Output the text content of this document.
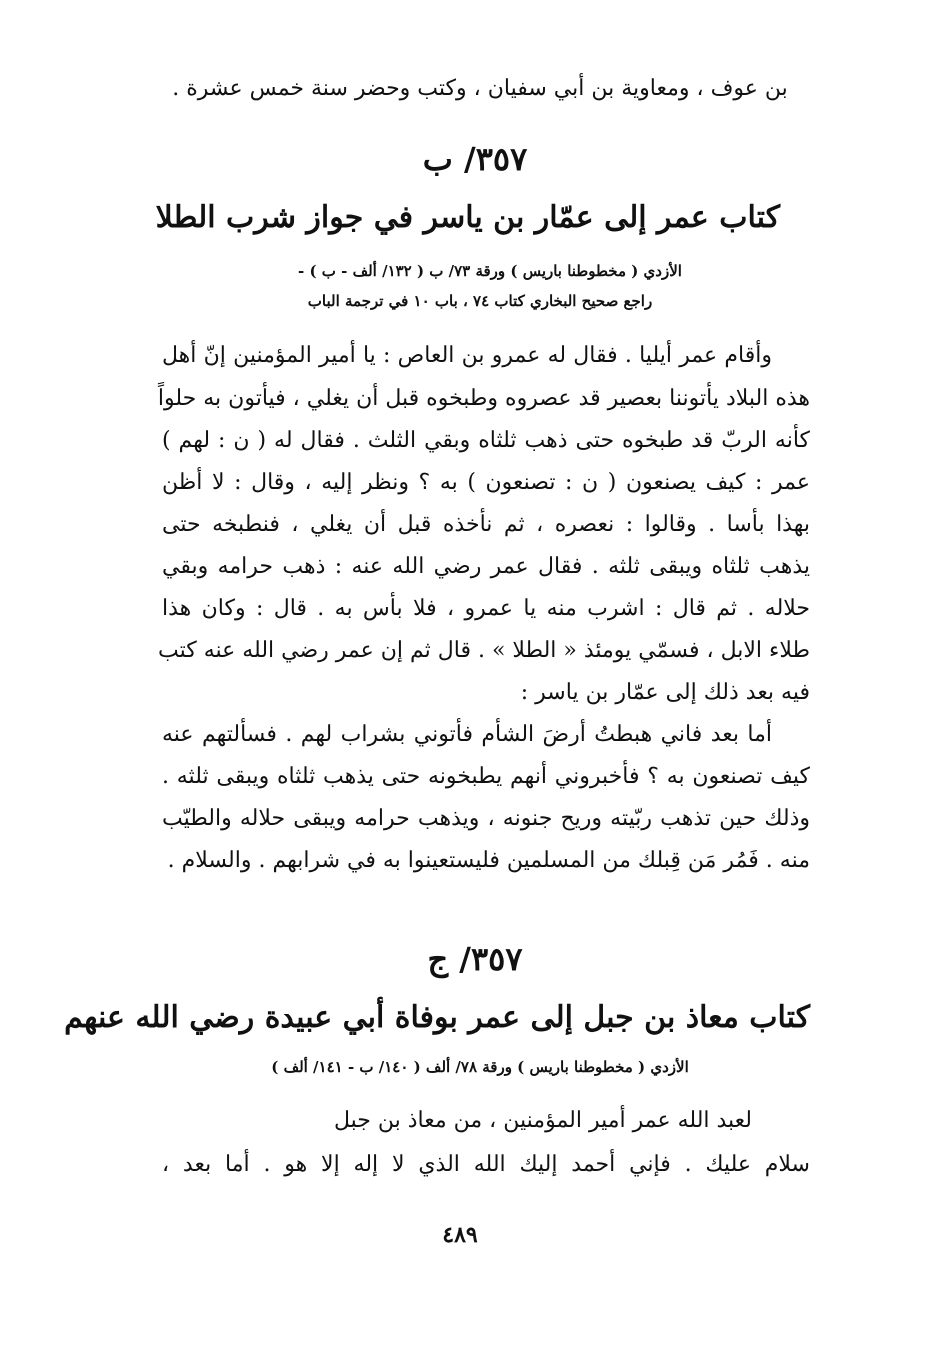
بن عوف ، ومعاوية بن أبي سفيان ، وكتب وحضر سنة خمس عشرة .
٣٥٧/ ب
كتاب عمر إلى عمّار بن ياسر في جواز شرب الطلا
الأزدي ( مخطوطنا باريس ) ورقة ٧٣/ ب ( ١٣٢/ ألف - ب ) -
راجع صحيح البخاري كتاب ٧٤ ، باب ١٠ في ترجمة الباب
وأقام عمر أيليا . فقال له عمرو بن العاص : يا أمير المؤمنين إنّ أهل
هذه البلاد يأتوننا بعصير قد عصروه وطبخوه قبل أن يغلي ، فيأتون به حلواً
كأنه الربّ قد طبخوه حتى ذهب ثلثاه وبقي الثلث . فقال له ( ن : لهم )
عمر : كيف يصنعون ( ن : تصنعون ) به ؟ ونظر إليه ، وقال : لا أظن
بهذا بأسا . وقالوا : نعصره ، ثم نأخذه قبل أن يغلي ، فنطبخه حتى
يذهب ثلثاه ويبقى ثلثه . فقال عمر رضي الله عنه : ذهب حرامه وبقي
حلاله . ثم قال : اشرب منه يا عمرو ، فلا بأس به . قال : وكان هذا
طلاء الابل ، فسمّي يومئذ « الطلا » . قال ثم إن عمر رضي الله عنه كتب
فيه بعد ذلك إلى عمّار بن ياسر :
أما بعد فاني هبطتُ أرضَ الشأم فأتوني بشراب لهم . فسألتهم عنه
كيف تصنعون به ؟ فأخبروني أنهم يطبخونه حتى يذهب ثلثاه ويبقى ثلثه .
وذلك حين تذهب ربّيته وريح جنونه ، ويذهب حرامه ويبقى حلاله والطيّب
منه . فَمُر مَن قِبلك من المسلمين فليستعينوا به في شرابهم . والسلام .
٣٥٧/ ج
كتاب معاذ بن جبل إلى عمر بوفاة أبي عبيدة رضي الله عنهم
الأزدي ( مخطوطنا باريس ) ورقة ٧٨/ ألف ( ١٤٠/ ب - ١٤١/ ألف )
لعبد الله عمر أمير المؤمنين ، من معاذ بن جبل
سلام عليك . فإني أحمد إليك الله الذي لا إله إلا هو . أما بعد ،
٤٨٩
